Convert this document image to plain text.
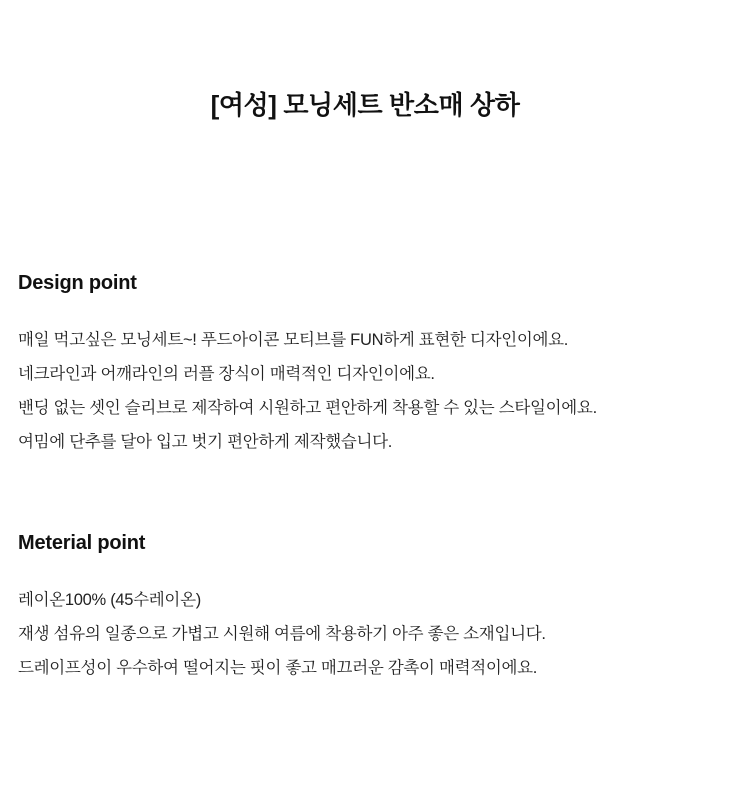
[여성] 모닝세트 반소매 상하
Design point
매일 먹고싶은 모닝세트~! 푸드아이콘 모티브를 FUN하게 표현한 디자인이에요.
네크라인과 어깨라인의 러플 장식이 매력적인 디자인이에요.
밴딩 없는 셋인 슬리브로 제작하여 시원하고 편안하게 착용할 수 있는 스타일이에요.
여밈에 단추를 달아 입고 벗기 편안하게 제작했습니다.
Meterial point
레이온100% (45수레이온)
재생 섬유의 일종으로 가볍고 시원해 여름에 착용하기 아주 좋은 소재입니다.
드레이프성이 우수하여 떨어지는 핏이 좋고 매끄러운 감촉이 매력적이에요.
